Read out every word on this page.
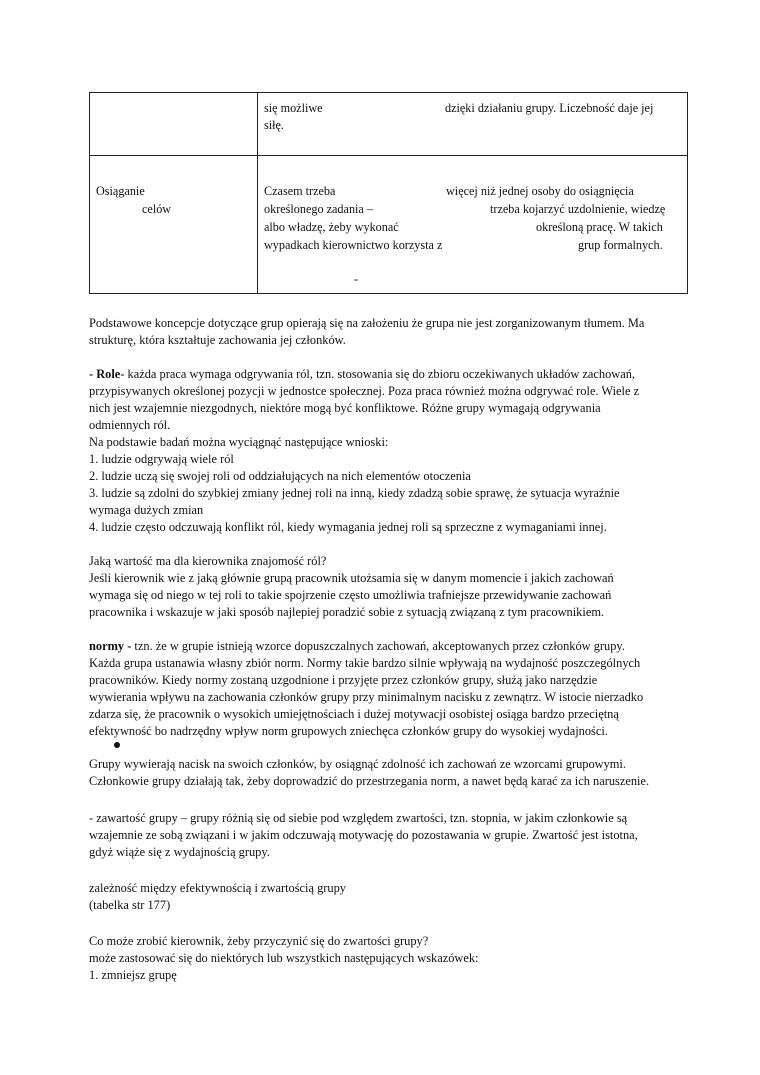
się możliwe	dzięki działaniu grupy. Liczebność daje jej
siłę.
Osiąganie
celów
Czasem trzeba	więcej niż jednej osoby do osiągnięcia
określonego zadania –	trzeba kojarzyć uzdolnienie, wiedzę
albo władzę, żeby wykonać	określoną pracę. W takich
wypadkach kierownictwo korzysta z	grup formalnych.
-
Podstawowe koncepcje dotyczące grup opierają się na założeniu że grupa nie jest zorganizowanym tłumem. Ma
strukturę, która kształtuje zachowania jej członków.
- Role- każda praca wymaga odgrywania ról, tzn. stosowania się do zbioru oczekiwanych układów zachowań,
przypisywanych określonej pozycji w jednostce społecznej. Poza praca również można odgrywać role. Wiele z
nich jest wzajemnie niezgodnych, niektóre mogą być konfliktowe. Różne grupy wymagają odgrywania
odmiennych ról.
Na podstawie badań można wyciągnąć następujące wnioski:
1. ludzie odgrywają wiele ról
2. ludzie uczą się swojej roli od oddziałujących na nich elementów otoczenia
3. ludzie są zdolni do szybkiej zmiany jednej roli na inną, kiedy zdadzą sobie sprawę, że sytuacja wyraźnie
wymaga dużych zmian
4. ludzie często odczuwają konflikt ról, kiedy wymagania jednej roli są sprzeczne z wymaganiami innej.
Jaką wartość ma dla kierownika znajomość ról?
Jeśli kierownik wie z jaką głównie grupą pracownik utożsamia się w danym momencie i jakich zachowań
wymaga się od niego w tej roli to takie spojrzenie często umożliwia trafniejsze przewidywanie zachowań
pracownika i wskazuje w jaki sposób najlepiej poradzić sobie z sytuacją związaną z tym pracownikiem.
normy - tzn. że w grupie istnieją wzorce dopuszczalnych zachowań, akceptowanych przez członków grupy.
Każda grupa ustanawia własny zbiór norm. Normy takie bardzo silnie wpływają na wydajność poszczególnych
pracowników. Kiedy normy zostaną uzgodnione i przyjęte przez członków grupy, służą jako narzędzie
wywierania wpływu na zachowania członków grupy przy minimalnym nacisku z zewnątrz. W istocie nierzadko
zdarza się, że pracownik o wysokich umiejętnościach i dużej motywacji osobistej osiąga bardzo przeciętną
efektywność bo nadrzędny wpływ norm grupowych zniechęca członków grupy do wysokiej wydajności.
Grupy wywierają nacisk na swoich członków, by osiągnąć zdolność ich zachowań ze wzorcami grupowymi.
Członkowie grupy działają tak, żeby doprowadzić do przestrzegania norm, a nawet będą karać za ich naruszenie.
- zawartość grupy – grupy różnią się od siebie pod względem zwartości, tzn. stopnia, w jakim członkowie są
wzajemnie ze sobą związani i w jakim odczuwają motywację do pozostawania w grupie. Zwartość jest istotna,
gdyż wiąże się z wydajnością grupy.
zależność między efektywnością i zwartością grupy
(tabelka str 177)
Co może zrobić kierownik, żeby przyczynić się do zwartości grupy?
może zastosować się do niektórych lub wszystkich następujących wskazówek:
1. zmniejsz grupę
